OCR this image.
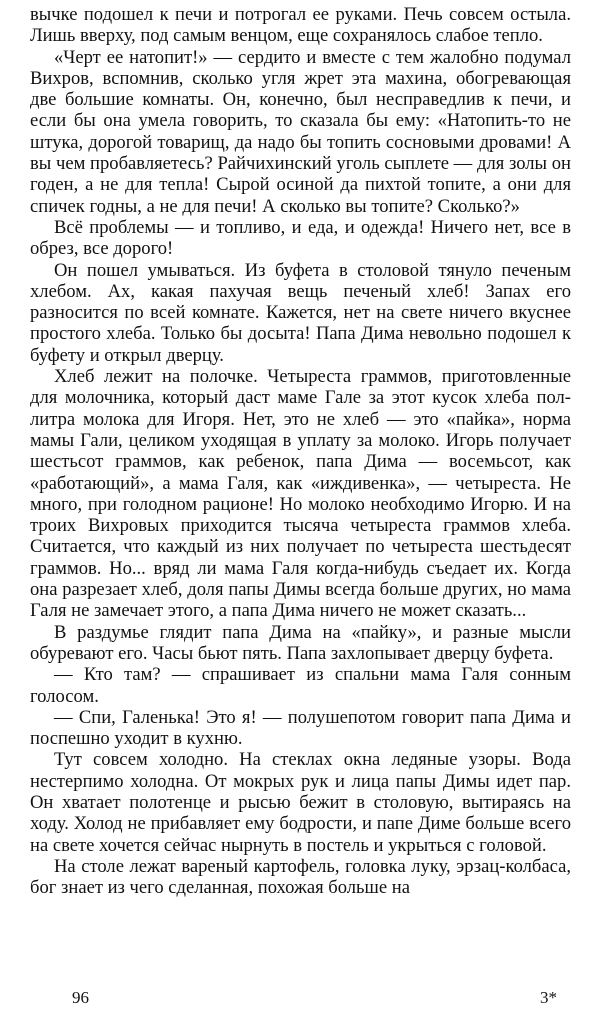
вычке подошел к печи и потрогал ее руками. Печь совсем остыла. Лишь вверху, под самым венцом, еще сохранялось слабое тепло.

«Черт ее натопит!» — сердито и вместе с тем жалобно подумал Вихров, вспомнив, сколько угля жрет эта махина, обогревающая две большие комнаты. Он, конечно, был несправедлив к печи, и если бы она умела говорить, то сказала бы ему: «Натопить-то не штука, дорогой товарищ, да надо бы топить сосновыми дровами! А вы чем пробавляетесь? Райчихинский уголь сыплете — для золы он годен, а не для тепла! Сырой осиной да пихтой топите, а они для спичек годны, а не для печи! А сколько вы топите? Сколько?»

Всё проблемы — и топливо, и еда, и одежда! Ничего нет, все в обрез, все дорого!

Он пошел умываться. Из буфета в столовой тянуло печеным хлебом. Ах, какая пахучая вещь печеный хлеб! Запах его разносится по всей комнате. Кажется, нет на свете ничего вкуснее простого хлеба. Только бы досыта! Папа Дима невольно подошел к буфету и открыл дверцу.

Хлеб лежит на полочке. Четыреста граммов, приготовленные для молочника, который даст маме Гале за этот кусок хлеба пол-литра молока для Игоря. Нет, это не хлеб — это «пайка», норма мамы Гали, целиком уходящая в уплату за молоко. Игорь получает шестьсот граммов, как ребенок, папа Дима — восемьсот, как «работающий», а мама Галя, как «иждивенка», — четыреста. Не много, при голодном рационе! Но молоко необходимо Игорю. И на троих Вихровых приходится тысяча четыреста граммов хлеба. Считается, что каждый из них получает по четыреста шестьдесят граммов. Но... вряд ли мама Галя когда-нибудь съедает их. Когда она разрезает хлеб, доля папы Димы всегда больше других, но мама Галя не замечает этого, а папа Дима ничего не может сказать...

В раздумье глядит папа Дима на «пайку», и разные мысли обуревают его. Часы бьют пять. Папа захлопывает дверцу буфета.

— Кто там? — спрашивает из спальни мама Галя сонным голосом.

— Спи, Галенька! Это я! — полушепотом говорит папа Дима и поспешно уходит в кухню.

Тут совсем холодно. На стеклах окна ледяные узоры. Вода нестерпимо холодна. От мокрых рук и лица папы Димы идет пар. Он хватает полотенце и рысью бежит в столовую, вытираясь на ходу. Холод не прибавляет ему бодрости, и папе Диме больше всего на свете хочется сейчас нырнуть в постель и укрыться с головой.

На столе лежат вареный картофель, головка луку, эрзац-колбаса, бог знает из чего сделанная, похожая больше на

96	3*
